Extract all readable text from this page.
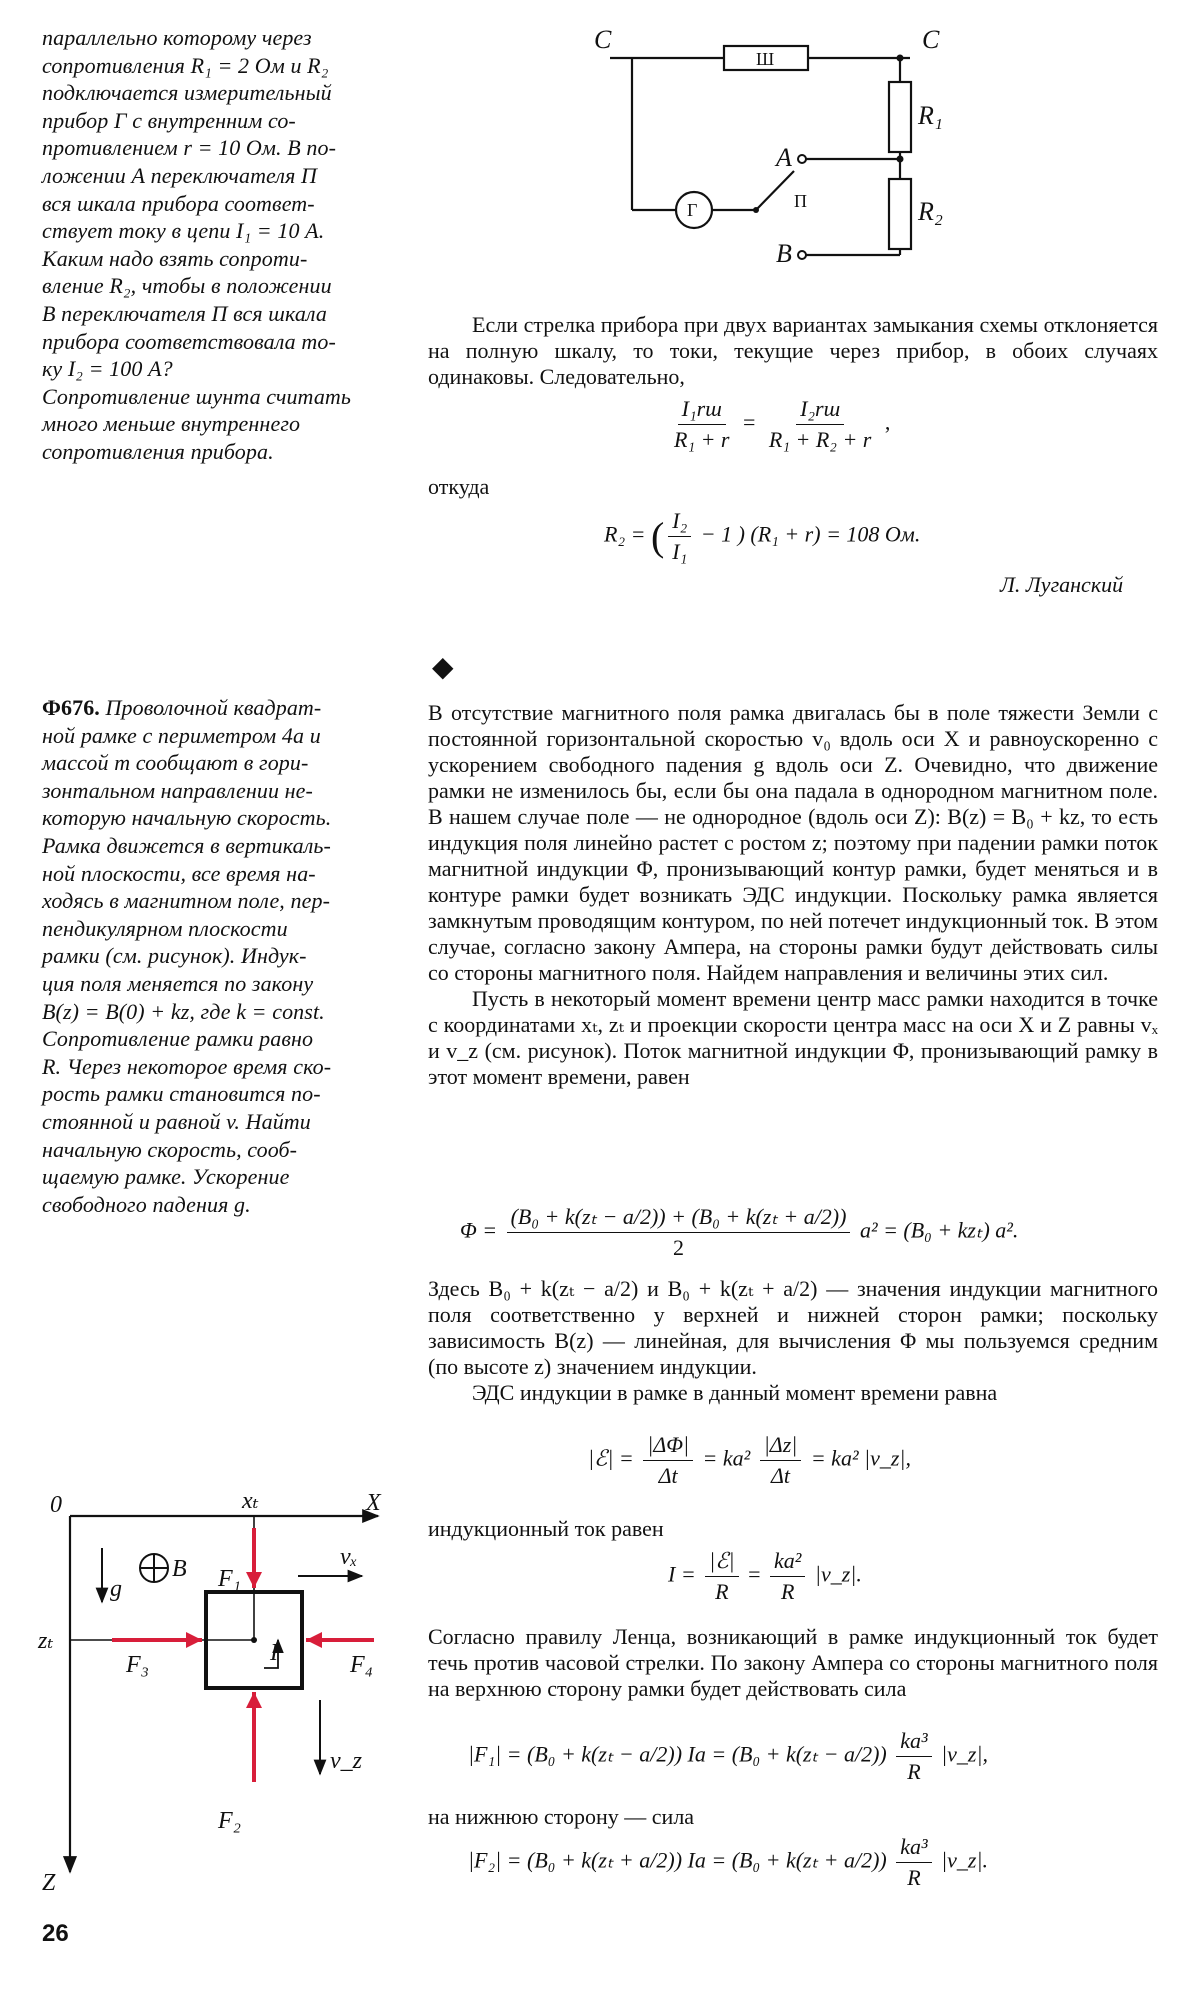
параллельно которому через
сопротивления R₁ = 2 Ом и R₂
подключается измерительный
прибор Г с внутренним со-
противлением r = 10 Ом. В по-
ложении А переключателя П
вся шкала прибора соответ-
ствует току в цепи I₁ = 10 А.
Каким надо взять сопроти-
вление R₂, чтобы в положении
В переключателя П вся шкала
прибора соответствовала то-
ку I₂ = 100 А?
Сопротивление шунта считать
много меньше внутреннего
сопротивления прибора.
C	C
R₁
R₂
A
B
Ш
Г	П

Если стрелка прибора при двух вариантах замыкания схемы отклоняется на полную шкалу, то токи, текущие через прибор, в обоих случаях одинаковы. Следовательно,

$\frac{\text{I₁rш}}{\text{R₁ + r}} = \frac{\text{I₂rш}}{\text{R₁ + R₂ + r}}$ ,
откуда
R₂ = ( $\frac{\text{I₂}}{\text{I₁}} - 1$ ) (R₁ + r) = 108 Ом.
Л. Луганский
◆
Ф676. Проволочной квадрат-
ной рамке с периметром 4a и
массой m сообщают в гори-
зонтальном направлении не-
которую начальную скорость.
Рамка движется в вертикаль-
ной плоскости, все время на-
ходясь в магнитном поле, пер-
пендикулярном плоскости
рамки (см. рисунок). Индук-
ция поля меняется по закону
B(z) = B(0) + kz, где k = const.
Сопротивление рамки равно
R. Через некоторое время ско-
рость рамки становится по-
стоянной и равной v. Найти
начальную скорость, сооб-
щаемую рамке. Ускорение
свободного падения g.

В отсутствие магнитного поля рамка двигалась бы в поле тяжести Земли с постоянной горизонтальной скоростью v₀ вдоль оси X и равноускоренно с ускорением свободного падения g вдоль оси Z. Очевидно, что движение рамки не изменилось бы, если бы она падала в однородном магнитном поле. В нашем случае поле — не однородное (вдоль оси Z): B(z) = B₀ + kz, то есть индукция поля линейно растет с ростом z; поэтому при падении рамки поток магнитной индукции Φ, пронизывающий контур рамки, будет меняться и в контуре рамки будет возникать ЭДС индукции. Поскольку рамка является замкнутым проводящим контуром, по ней потечет индукционный ток. В этом случае, согласно закону Ампера, на стороны рамки будут действовать силы со стороны магнитного поля. Найдем направления и величины этих сил.

Пусть в некоторый момент времени центр масс рамки находится в точке с координатами xₜ, zₜ и проекции скорости центра масс на оси X и Z равны vₓ и v_z (см. рисунок). Поток магнитной индукции Φ, пронизывающий рамку в этот момент времени, равен

$\Phi = \frac{\text{(B₀ + k(zₜ − a/2)) + (B₀ + k(zₜ + a/2))}}{2} a^2 = (B_0 + kz_t)$ a².

Здесь B₀ + k(zₜ − a/2) и B₀ + k(zₜ + a/2) — значения индукции магнитного поля соответственно у верхней и нижней сторон рамки; поскольку зависимость B(z) — линейная, для вычисления Φ мы пользуемся средним (по высоте z) значением индукции.

ЭДС индукции в рамке в данный момент времени равна

|ℰ| = $\frac{|\Delta\Phi|}{\Delta t} = ka^2 \frac{|\Delta z|}{\Delta t} = ka^2$ |v_z|,
индукционный ток равен
$I = \frac{\text{|ℰ|}}{R} = \frac{\text{ka²}}{R}$ |v_z|.

Согласно правилу Ленца, возникающий в рамке индукционный ток будет течь против часовой стрелки. По закону Ампера со стороны магнитного поля на верхнюю сторону рамки будет действовать сила

|F₁| = (B₀ + k(zₜ − a/2)) $Ia = (B_0 + k(z_t - a/2)) \frac{\text{ka³}}{R}$ |v_z|,
на нижнюю сторону — сила
|F₂| = (B₀ + k(zₜ + a/2)) $Ia = (B_0 + k(z_t + a/2)) \frac{\text{ka³}}{R}$ |v_z|.
0	X
Z
xₜ
zₜ
B
g	F₁
F₂
F₃	F₄
vₓ
v_z
I
26
